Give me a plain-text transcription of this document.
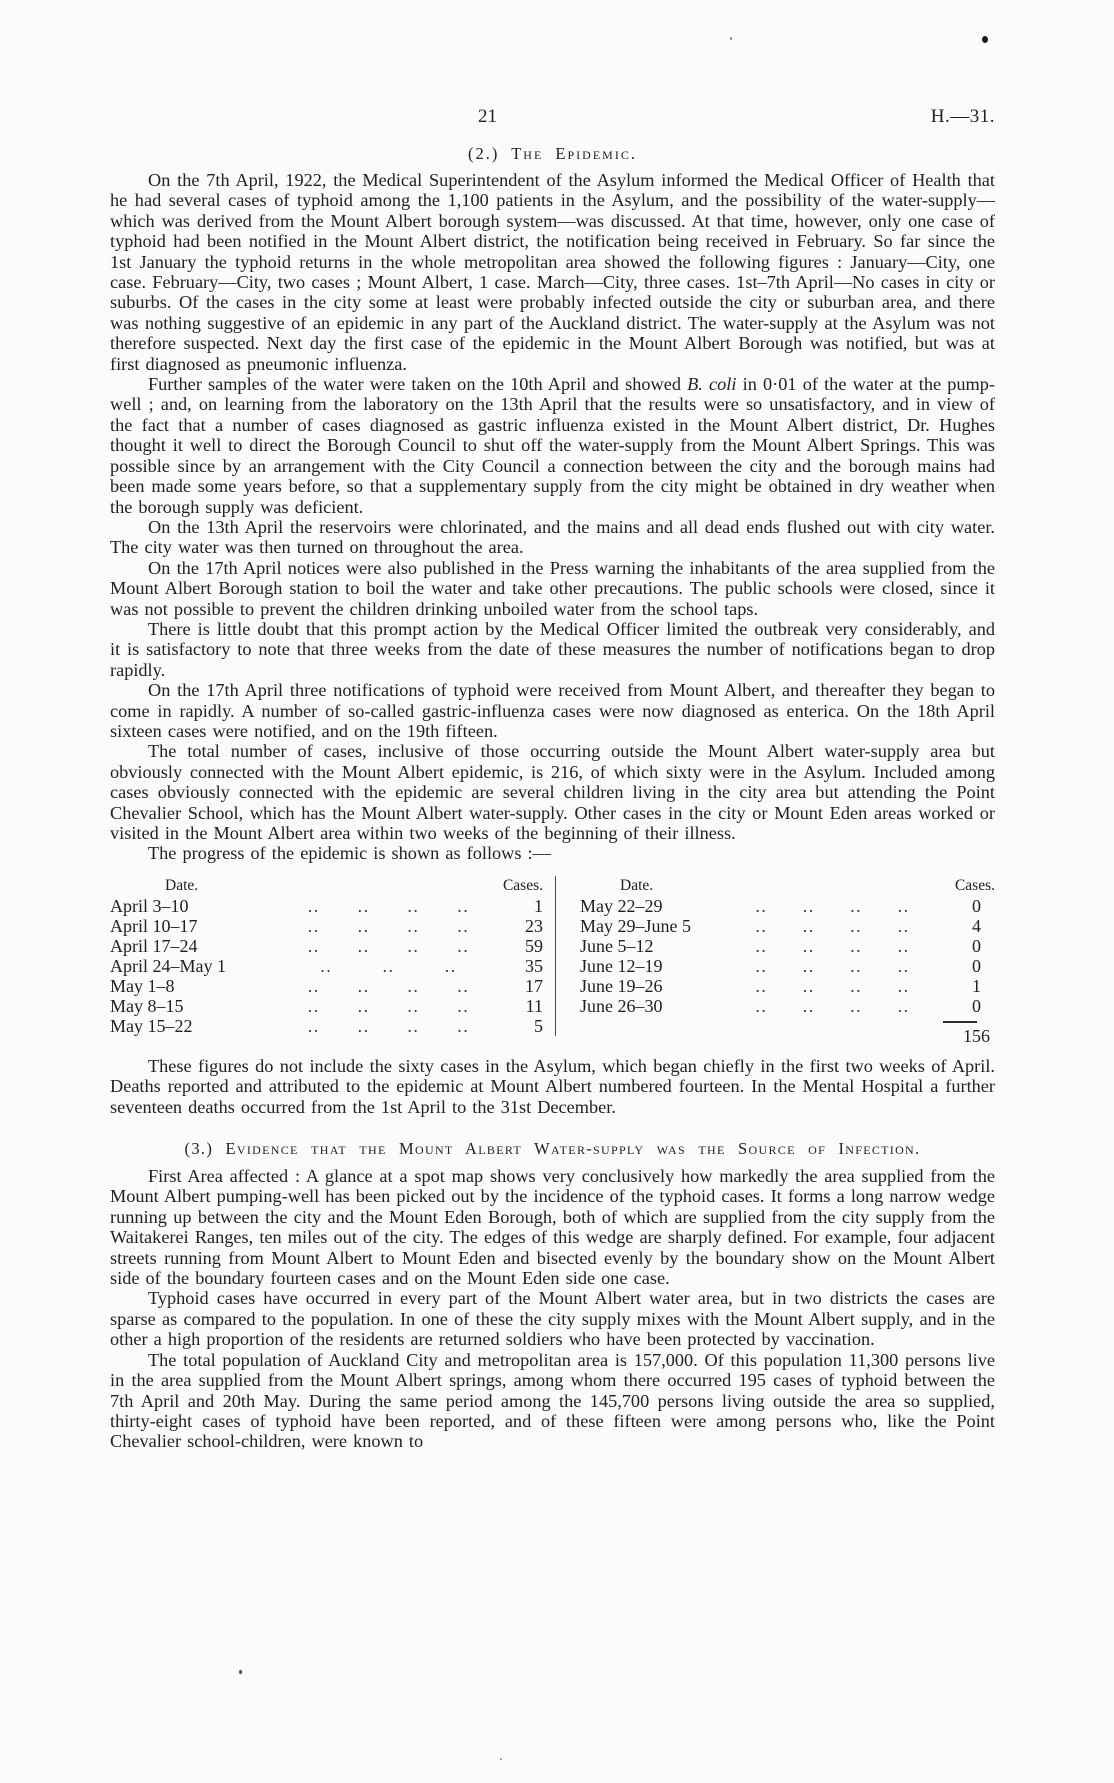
21	H.—31.
(2.) The Epidemic.

On the 7th April, 1922, the Medical Superintendent of the Asylum informed the Medical Officer of Health that he had several cases of typhoid among the 1,100 patients in the Asylum, and the possibility of the water-supply—which was derived from the Mount Albert borough system—was discussed. At that time, however, only one case of typhoid had been notified in the Mount Albert district, the notification being received in February. So far since the 1st January the typhoid returns in the whole metropolitan area showed the following figures : January—City, one case. February—City, two cases ; Mount Albert, 1 case. March—City, three cases. 1st–7th April—No cases in city or suburbs. Of the cases in the city some at least were probably infected outside the city or suburban area, and there was nothing suggestive of an epidemic in any part of the Auckland district. The water-supply at the Asylum was not therefore suspected. Next day the first case of the epidemic in the Mount Albert Borough was notified, but was at first diagnosed as pneumonic influenza.

Further samples of the water were taken on the 10th April and showed B. coli in 0·01 of the water at the pump-well ; and, on learning from the laboratory on the 13th April that the results were so unsatisfactory, and in view of the fact that a number of cases diagnosed as gastric influenza existed in the Mount Albert district, Dr. Hughes thought it well to direct the Borough Council to shut off the water-supply from the Mount Albert Springs. This was possible since by an arrangement with the City Council a connection between the city and the borough mains had been made some years before, so that a supplementary supply from the city might be obtained in dry weather when the borough supply was deficient.

On the 13th April the reservoirs were chlorinated, and the mains and all dead ends flushed out with city water. The city water was then turned on throughout the area.

On the 17th April notices were also published in the Press warning the inhabitants of the area supplied from the Mount Albert Borough station to boil the water and take other precautions. The public schools were closed, since it was not possible to prevent the children drinking unboiled water from the school taps.

There is little doubt that this prompt action by the Medical Officer limited the outbreak very considerably, and it is satisfactory to note that three weeks from the date of these measures the number of notifications began to drop rapidly.

On the 17th April three notifications of typhoid were received from Mount Albert, and thereafter they began to come in rapidly. A number of so-called gastric-influenza cases were now diagnosed as enterica. On the 18th April sixteen cases were notified, and on the 19th fifteen.

The total number of cases, inclusive of those occurring outside the Mount Albert water-supply area but obviously connected with the Mount Albert epidemic, is 216, of which sixty were in the Asylum. Included among cases obviously connected with the epidemic are several children living in the city area but attending the Point Chevalier School, which has the Mount Albert water-supply. Other cases in the city or Mount Eden areas worked or visited in the Mount Albert area within two weeks of the beginning of their illness.

The progress of the epidemic is shown as follows :—

Date.	Cases.
April 3–10 .. .. .. ..	1
April 10–17 .. .. .. ..	23
April 17–24 .. .. .. ..	59
April 24–May 1 .. .. ..	35
May 1–8 .. .. .. ..	17
May 8–15 .. .. .. ..	11
May 15–22 .. .. .. ..	5
Date.	Cases.
May 22–29 .. .. .. ..	0
May 29–June 5 .. .. .. ..	4
June 5–12 .. .. .. ..	0
June 12–19 .. .. .. ..	0
June 19–26 .. .. .. ..	1
June 26–30 .. .. .. ..	0
156

These figures do not include the sixty cases in the Asylum, which began chiefly in the first two weeks of April. Deaths reported and attributed to the epidemic at Mount Albert numbered fourteen. In the Mental Hospital a further seventeen deaths occurred from the 1st April to the 31st December.

(3.) Evidence that the Mount Albert Water-supply was the Source of Infection.

First Area affected : A glance at a spot map shows very conclusively how markedly the area supplied from the Mount Albert pumping-well has been picked out by the incidence of the typhoid cases. It forms a long narrow wedge running up between the city and the Mount Eden Borough, both of which are supplied from the city supply from the Waitakerei Ranges, ten miles out of the city. The edges of this wedge are sharply defined. For example, four adjacent streets running from Mount Albert to Mount Eden and bisected evenly by the boundary show on the Mount Albert side of the boundary fourteen cases and on the Mount Eden side one case.

Typhoid cases have occurred in every part of the Mount Albert water area, but in two districts the cases are sparse as compared to the population. In one of these the city supply mixes with the Mount Albert supply, and in the other a high proportion of the residents are returned soldiers who have been protected by vaccination.

The total population of Auckland City and metropolitan area is 157,000. Of this population 11,300 persons live in the area supplied from the Mount Albert springs, among whom there occurred 195 cases of typhoid between the 7th April and 20th May. During the same period among the 145,700 persons living outside the area so supplied, thirty-eight cases of typhoid have been reported, and of these fifteen were among persons who, like the Point Chevalier school-children, were known to
